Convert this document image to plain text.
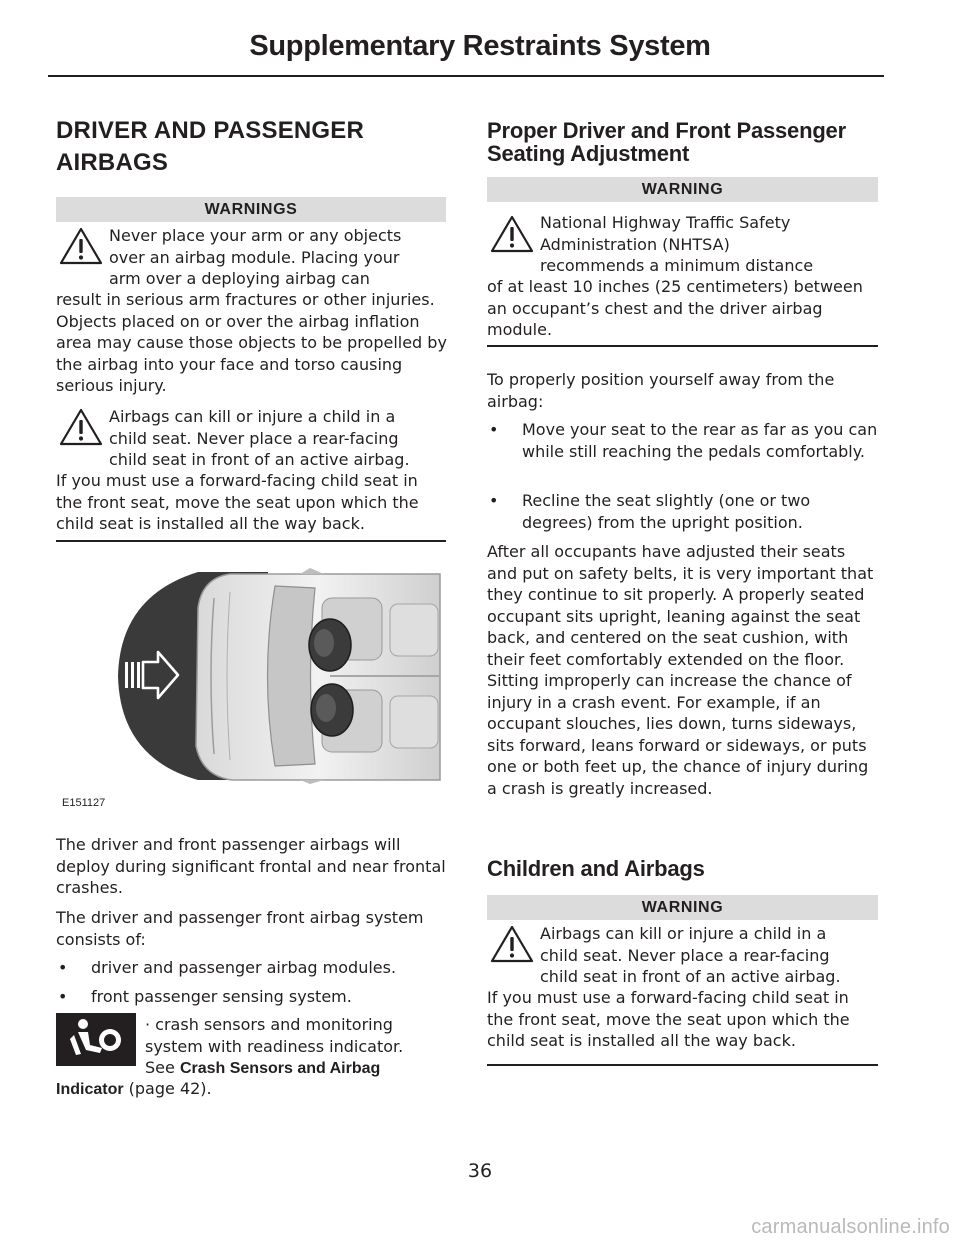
Supplementary Restraints System
DRIVER AND PASSENGER
AIRBAGS
WARNINGS
Never place your arm or any objects
over an airbag module. Placing your
arm over a deploying airbag can
result in serious arm fractures or other injuries. Objects placed on or over the airbag inflation area may cause those objects to be propelled by the airbag into your face and torso causing serious injury.
Airbags can kill or injure a child in a
child seat. Never place a rear-facing
child seat in front of an active airbag.
If you must use a forward-facing child seat in the front seat, move the seat upon which the child seat is installed all the way back.
E151127
The driver and front passenger airbags will deploy during significant frontal and near frontal crashes.
The driver and passenger front airbag system consists of:
•	driver and passenger airbag modules.
•	front passenger sensing system.
· crash sensors and monitoring
system with readiness indicator.
See Crash Sensors and Airbag
Indicator (page 42).
Proper Driver and Front Passenger
Seating Adjustment
WARNING
National Highway Traffic Safety
Administration (NHTSA)
recommends a minimum distance
of at least 10 inches (25 centimeters) between an occupant’s chest and the driver airbag module.
To properly position yourself away from the airbag:
•	Move your seat to the rear as far as you can while still reaching the pedals comfortably.
•	Recline the seat slightly (one or two degrees) from the upright position.
After all occupants have adjusted their seats and put on safety belts, it is very important that they continue to sit properly. A properly seated occupant sits upright, leaning against the seat back, and centered on the seat cushion, with their feet comfortably extended on the floor. Sitting improperly can increase the chance of injury in a crash event. For example, if an occupant slouches, lies down, turns sideways, sits forward, leans forward or sideways, or puts one or both feet up, the chance of injury during a crash is greatly increased.
Children and Airbags
WARNING
Airbags can kill or injure a child in a
child seat. Never place a rear-facing
child seat in front of an active airbag.
If you must use a forward-facing child seat in the front seat, move the seat upon which the child seat is installed all the way back.
36
carmanualsonline.info
